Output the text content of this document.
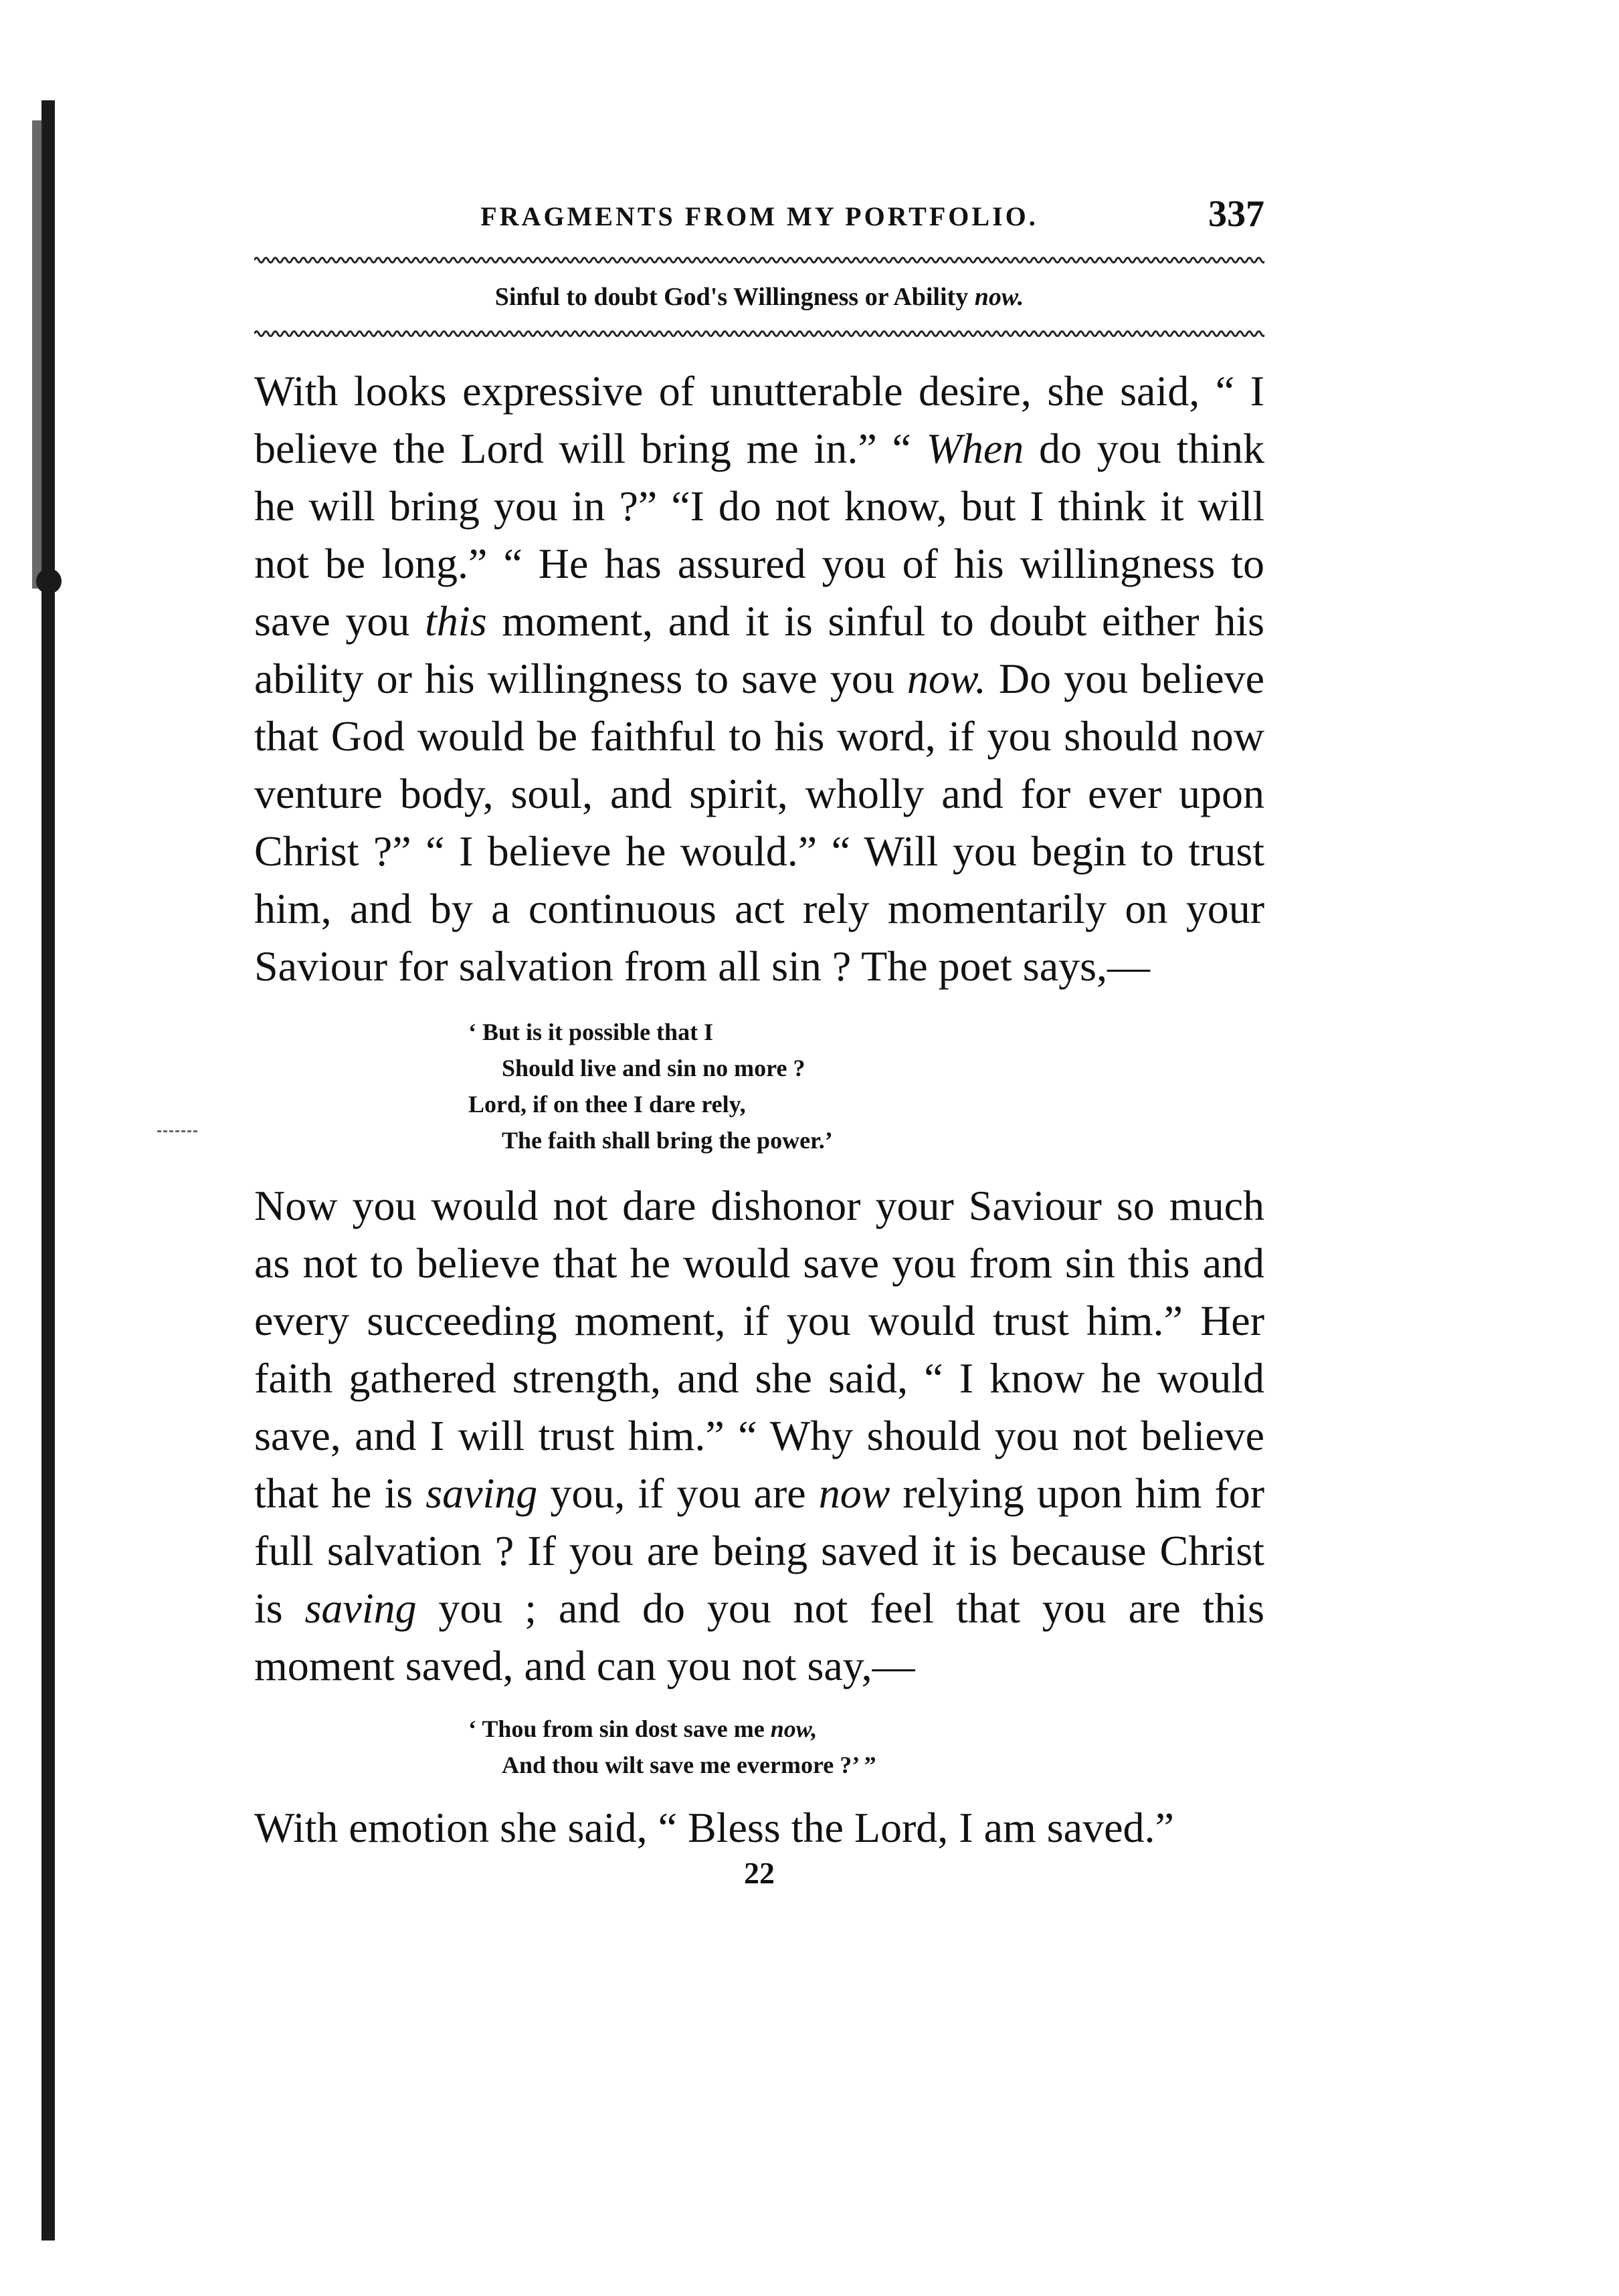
FRAGMENTS FROM MY PORTFOLIO.	337
Sinful to doubt God's Willingness or Ability now.

With looks expressive of unutterable desire, she said, “ I believe the Lord will bring me in.” “ When do you think he will bring you in ?” “I do not know, but I think it will not be long.” “ He has assured you of his willingness to save you this moment, and it is sinful to doubt either his ability or his willingness to save you now. Do you believe that God would be faithful to his word, if you should now venture body, soul, and spirit, wholly and for ever upon Christ ?” “ I believe he would.” “ Will you begin to trust him, and by a continuous act rely momentarily on your Saviour for salvation from all sin ? The poet says,—

‘ But is it possible that I
Should live and sin no more ?
Lord, if on thee I dare rely,
The faith shall bring the power.’

Now you would not dare dishonor your Saviour so much as not to believe that he would save you from sin this and every succeeding moment, if you would trust him.” Her faith gathered strength, and she said, “ I know he would save, and I will trust him.” “ Why should you not believe that he is saving you, if you are now relying upon him for full salvation ? If you are being saved it is because Christ is saving you ; and do you not feel that you are this moment saved, and can you not say,—

‘ Thou from sin dost save me now,
And thou wilt save me evermore ?’ ”

With emotion she said, “ Bless the Lord, I am saved.”

22
